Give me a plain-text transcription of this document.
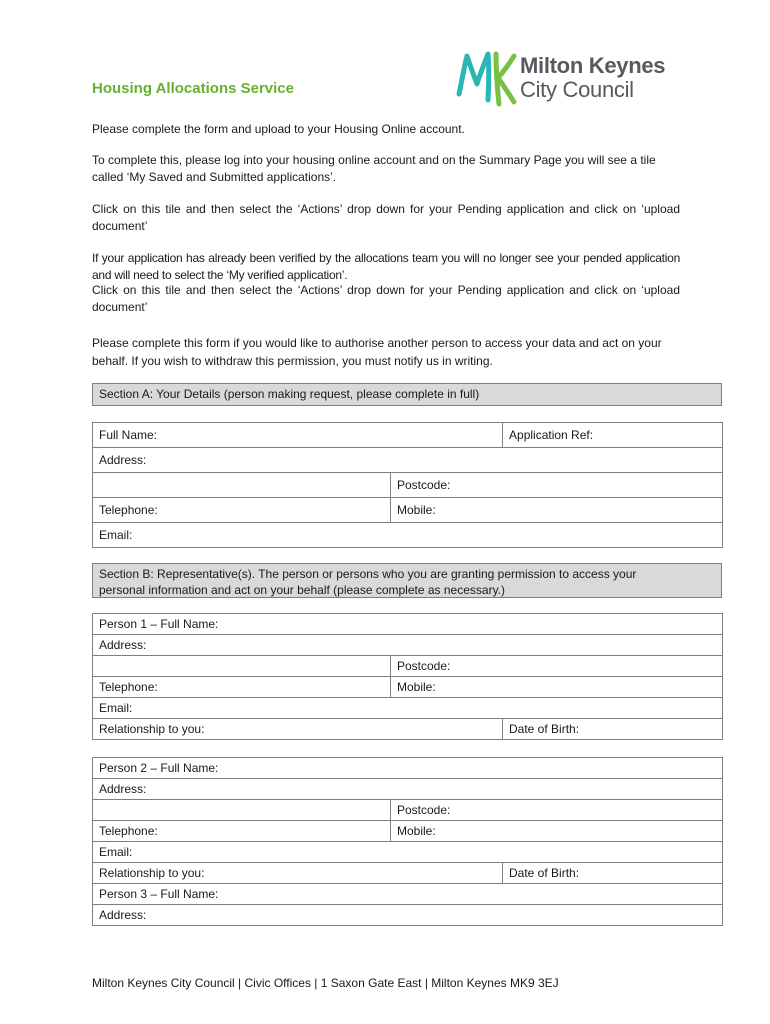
Milton Keynes
City Council
Housing Allocations Service
Please complete the form and upload to your Housing Online account.
To complete this, please log into your housing online account and on the Summary Page you will see a tile called ‘My Saved and Submitted applications’.
Click on this tile and then select the ‘Actions’ drop down for your Pending application and click on ‘upload document’
If your application has already been verified by the allocations team you will no longer see your pended application and will need to select the ‘My verified application’.
Click on this tile and then select the ‘Actions’ drop down for your Pending application and click on ‘upload document’
Please complete this form if you would like to authorise another person to access your data and act on your behalf. If you wish to withdraw this permission, you must notify us in writing.
Section A: Your Details (person making request, please complete in full)
Full Name:		Application Ref:
Address:		
	Postcode:	
Telephone:	Mobile:	
Email:		
Section B: Representative(s). The person or persons who you are granting permission to access your
personal information and act on your behalf (please complete as necessary.)
Person 1 – Full Name:		
Address:		
	Postcode:	
Telephone:	Mobile:	
Email:		
Relationship to you:		Date of Birth:
Person 2 – Full Name:		
Address:		
	Postcode:	
Telephone:	Mobile:	
Email:		
Relationship to you:		Date of Birth:
Person 3 – Full Name:		
Address:		
Milton Keynes City Council | Civic Offices | 1 Saxon Gate East | Milton Keynes MK9 3EJ
